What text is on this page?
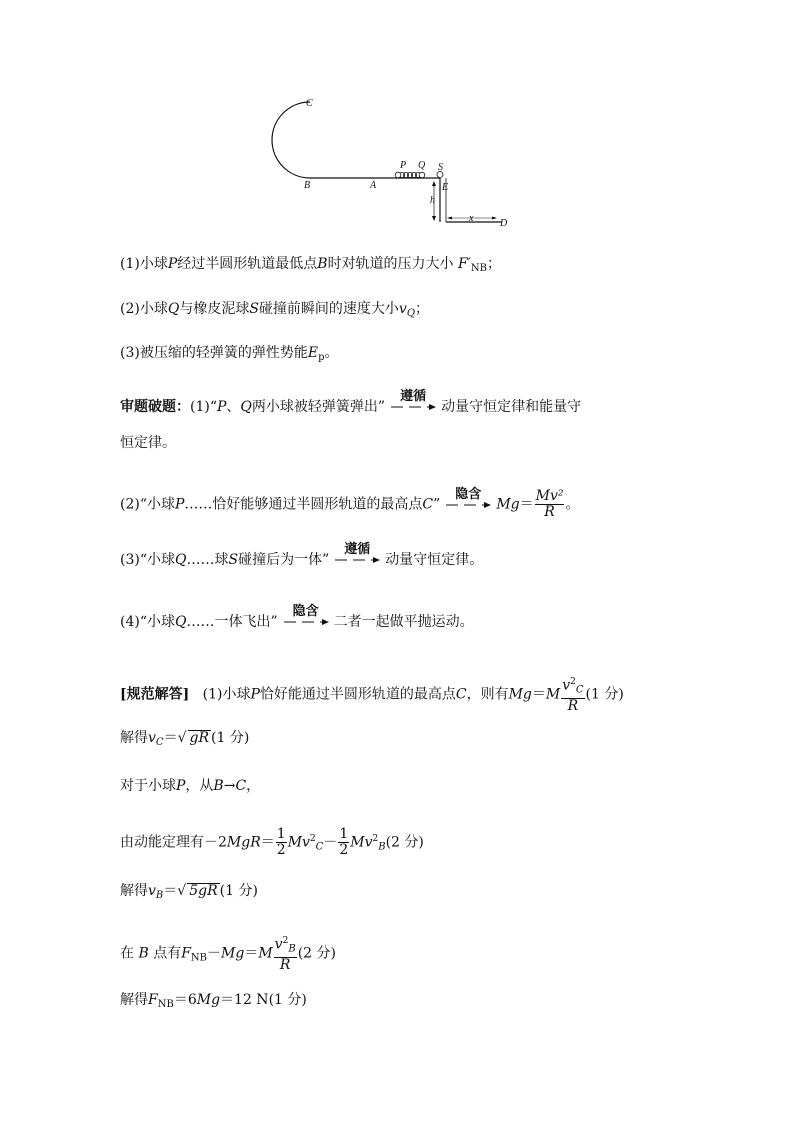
C
B	A
P Q S
E
h
x	D
(1)小球P经过半圆形轨道最低点B时对轨道的压力大小 $F'_{NB}$；
(2)小球Q与橡皮泥球S碰撞前瞬间的速度大小$v_Q$；
(3)被压缩的轻弹簧的弹性势能$E_p$。
审题破题：(1)“P、Q两小球被轻弹簧弹出”
遵循
动量守恒定律和能量守
恒定律。
(2)“小球P……恰好能够通过半圆形轨道的最高点C”
隐含
$Mg= \frac{\text{Mv²}}{R}$ 。
(3)“小球Q……球S碰撞后为一体”
遵循
动量守恒定律。
(4)“小球Q……一体飞出”
隐含
二者一起做平抛运动。
[规范解答] (1)小球P恰好能通过半圆形轨道的最高点C，则有$Mg=M \frac{v^2_C}{R} (1$ 分)
解得$v_C=√$ gR (1 分)
对于小球P，从B→C，
由动能定理有$-2MgR= \frac{1}{2} Mv^2_C- \frac{1}{2} Mv^2_B(2$ 分)
解得$v_B=√$ 5gR (1 分)
在 B 点有$F_{NB}-Mg=M \frac{v^2_B}{R} (2$ 分)
解得$F_{NB}=6Mg=12$ N(1 分)
